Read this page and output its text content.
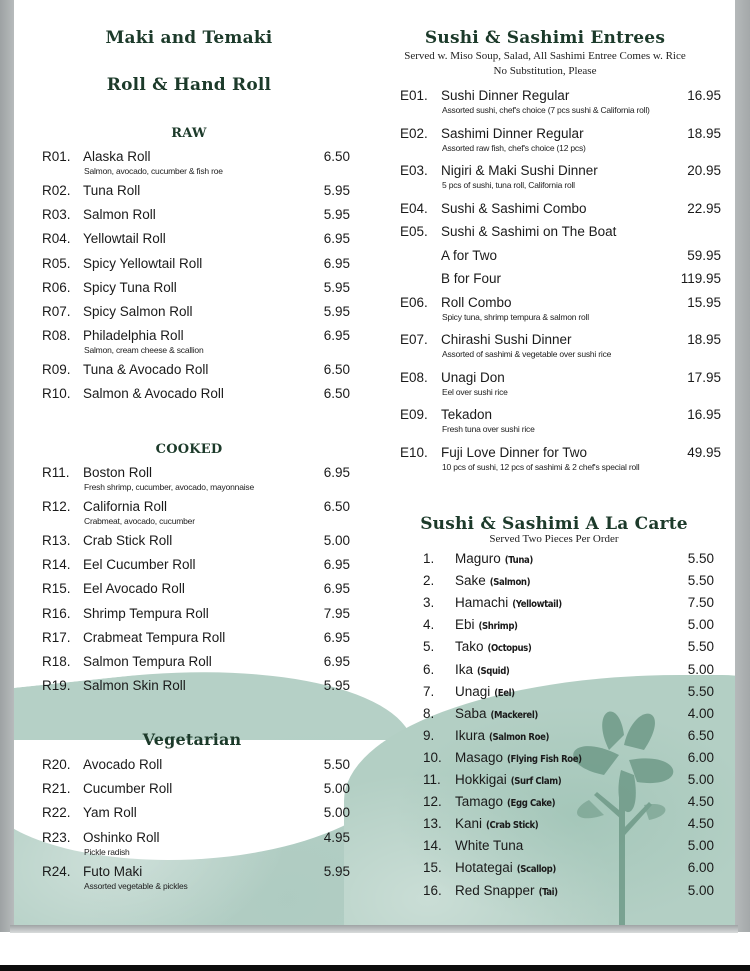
Maki and Temaki
Roll & Hand Roll
RAW
R01. Alaska Roll	6.50
Salmon, avocado, cucumber & fish roe
R02. Tuna Roll	5.95
R03. Salmon Roll	5.95
R04. Yellowtail Roll	6.95
R05. Spicy Yellowtail Roll	6.95
R06. Spicy Tuna Roll	5.95
R07. Spicy Salmon Roll	5.95
R08. Philadelphia Roll	6.95
Salmon, cream cheese & scallion
R09. Tuna & Avocado Roll	6.50
R10. Salmon & Avocado Roll	6.50
COOKED
R11. Boston Roll	6.95
Fresh shrimp, cucumber, avocado, mayonnaise
R12. California Roll	6.50
Crabmeat, avocado, cucumber
R13. Crab Stick Roll	5.00
R14. Eel Cucumber Roll	6.95
R15. Eel Avocado Roll	6.95
R16. Shrimp Tempura Roll	7.95
R17. Crabmeat Tempura Roll	6.95
R18. Salmon Tempura Roll	6.95
R19. Salmon Skin Roll	5.95
Vegetarian
R20. Avocado Roll	5.50
R21. Cucumber Roll	5.00
R22. Yam Roll	5.00
R23. Oshinko Roll	4.95
Pickle radish
R24. Futo Maki	5.95
Assorted vegetable & pickles
Sushi & Sashimi Entrees
Served w. Miso Soup, Salad, All Sashimi Entree Comes w. Rice
No Substitution, Please
E01. Sushi Dinner Regular	16.95
Assorted sushi, chef's choice (7 pcs sushi & California roll)
E02. Sashimi Dinner Regular	18.95
Assorted raw fish, chef's choice (12 pcs)
E03. Nigiri & Maki Sushi Dinner	20.95
5 pcs of sushi, tuna roll, California roll
E04. Sushi & Sashimi Combo	22.95
E05. Sushi & Sashimi on The Boat
A for Two	59.95
B for Four	119.95
E06. Roll Combo	15.95
Spicy tuna, shrimp tempura & salmon roll
E07. Chirashi Sushi Dinner	18.95
Assorted of sashimi & vegetable over sushi rice
E08. Unagi Don	17.95
Eel over sushi rice
E09. Tekadon	16.95
Fresh tuna over sushi rice
E10. Fuji Love Dinner for Two	49.95
10 pcs of sushi, 12 pcs of sashimi & 2 chef's special roll
Sushi & Sashimi A La Carte
Served Two Pieces Per Order
1. Maguro (Tuna)	5.50
2. Sake (Salmon)	5.50
3. Hamachi (Yellowtail)	7.50
4. Ebi (Shrimp)	5.00
5. Tako (Octopus)	5.50
6. Ika (Squid)	5.00
7. Unagi (Eel)	5.50
8. Saba (Mackerel)	4.00
9. Ikura (Salmon Roe)	6.50
10. Masago (Flying Fish Roe)	6.00
11. Hokkigai (Surf Clam)	5.00
12. Tamago (Egg Cake)	4.50
13. Kani (Crab Stick)	4.50
14. White Tuna	5.00
15. Hotategai (Scallop)	6.00
16. Red Snapper (Tai)	5.00
